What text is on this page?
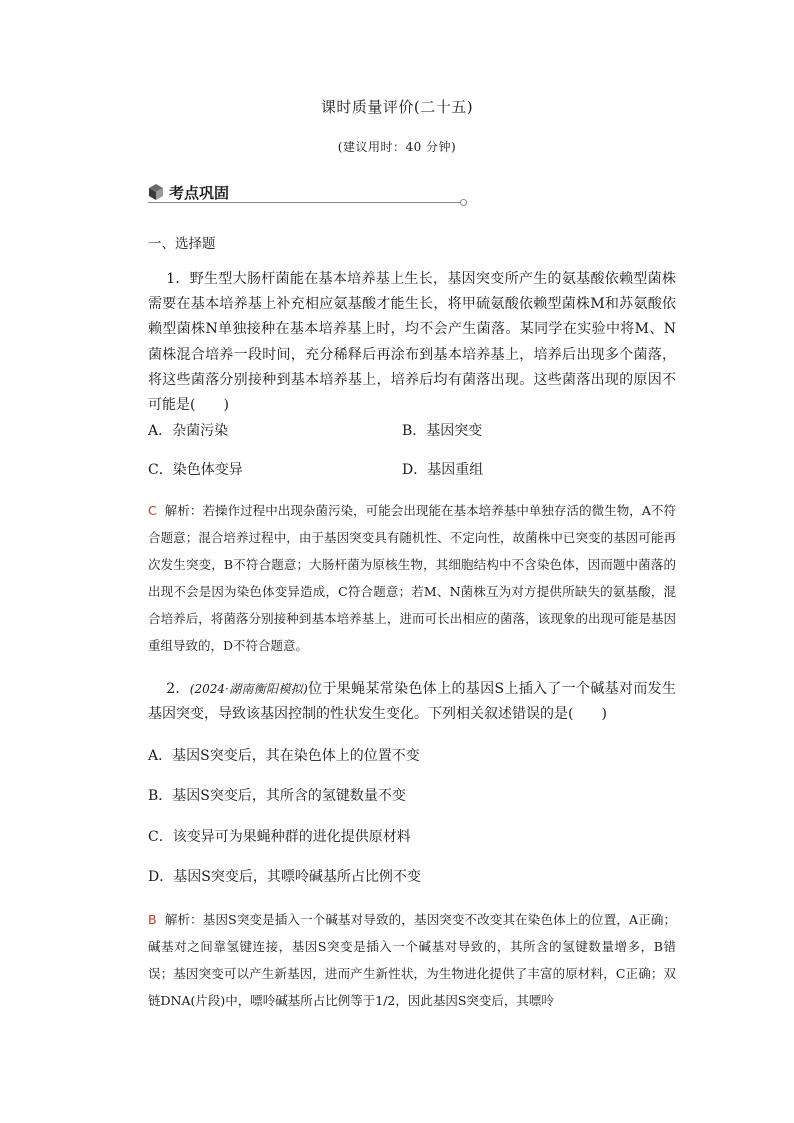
课时质量评价(二十五)
(建议用时：40 分钟)
考点巩固
一、选择题
1．野生型大肠杆菌能在基本培养基上生长，基因突变所产生的氨基酸依赖型菌株需要在基本培养基上补充相应氨基酸才能生长，将甲硫氨酸依赖型菌株M和苏氨酸依赖型菌株N单独接种在基本培养基上时，均不会产生菌落。某同学在实验中将M、N菌株混合培养一段时间，充分稀释后再涂布到基本培养基上，培养后出现多个菌落，将这些菌落分别接种到基本培养基上，培养后均有菌落出现。这些菌落出现的原因不可能是(　　)
A．杂菌污染	B．基因突变
C．染色体变异	D．基因重组
C 解析：若操作过程中出现杂菌污染，可能会出现能在基本培养基中单独存活的微生物，A不符合题意；混合培养过程中，由于基因突变具有随机性、不定向性，故菌株中已突变的基因可能再次发生突变，B不符合题意；大肠杆菌为原核生物，其细胞结构中不含染色体，因而题中菌落的出现不会是因为染色体变异造成，C符合题意；若M、N菌株互为对方提供所缺失的氨基酸，混合培养后，将菌落分别接种到基本培养基上，进而可长出相应的菌落，该现象的出现可能是基因重组导致的，D不符合题意。
2．(2024·湖南衡阳模拟)位于果蝇某常染色体上的基因S上插入了一个碱基对而发生基因突变，导致该基因控制的性状发生变化。下列相关叙述错误的是(　　)
A．基因S突变后，其在染色体上的位置不变
B．基因S突变后，其所含的氢键数量不变
C．该变异可为果蝇种群的进化提供原材料
D．基因S突变后，其嘌呤碱基所占比例不变
B 解析：基因S突变是插入一个碱基对导致的，基因突变不改变其在染色体上的位置，A正确；碱基对之间靠氢键连接，基因S突变是插入一个碱基对导致的，其所含的氢键数量增多，B错误；基因突变可以产生新基因，进而产生新性状，为生物进化提供了丰富的原材料，C正确；双链DNA(片段)中，嘌呤碱基所占比例等于1/2，因此基因S突变后，其嘌呤
